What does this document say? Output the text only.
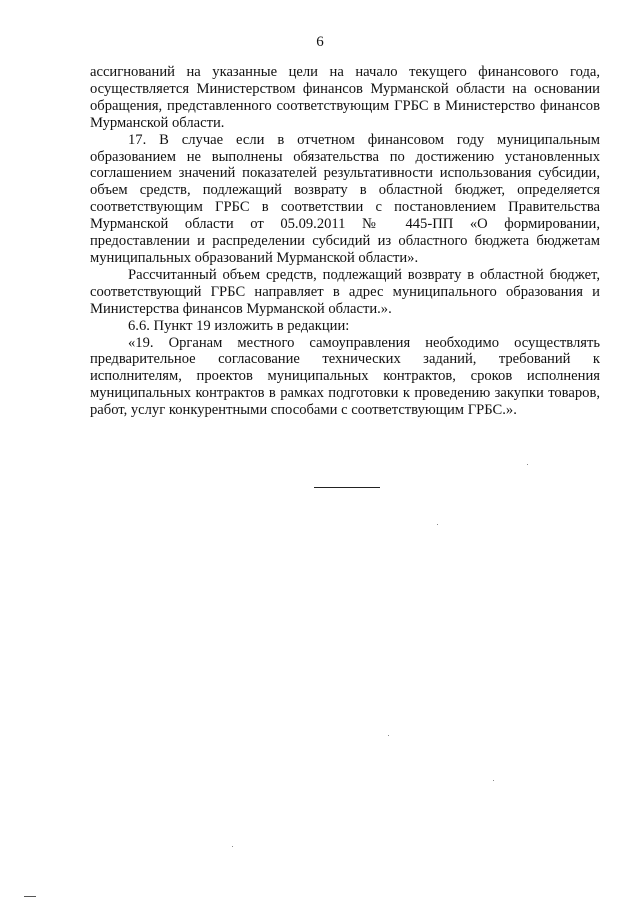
6

ассигнований на указанные цели на начало текущего финансового года, осуществляется Министерством финансов Мурманской области на основании обращения, представленного соответствующим ГРБС в Министерство финансов Мурманской области.

17. В случае если в отчетном финансовом году муниципальным образованием не выполнены обязательства по достижению установленных соглашением значений показателей результативности использования субсидии, объем средств, подлежащий возврату в областной бюджет, определяется соответствующим ГРБС в соответствии с постановлением Правительства Мурманской области от 05.09.2011 № 445-ПП «О формировании, предоставлении и распределении субсидий из областного бюджета бюджетам муниципальных образований Мурманской области».

Рассчитанный объем средств, подлежащий возврату в областной бюджет, соответствующий ГРБС направляет в адрес муниципального образования и Министерства финансов Мурманской области.».

6.6. Пункт 19 изложить в редакции:

«19. Органам местного самоуправления необходимо осуществлять предварительное согласование технических заданий, требований к исполнителям, проектов муниципальных контрактов, сроков исполнения муниципальных контрактов в рамках подготовки к проведению закупки товаров, работ, услуг конкурентными способами с соответствующим ГРБС.».
